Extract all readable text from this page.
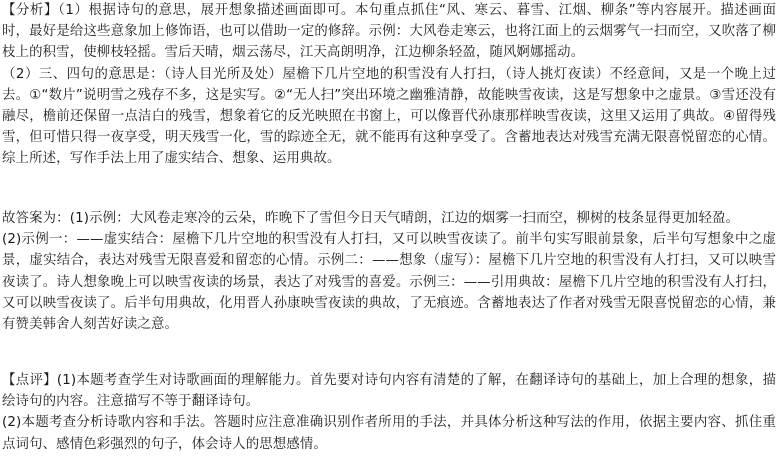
【分析】（1）根据诗句的意思，展开想象描述画面即可。本句重点抓住“风、寒云、暮雪、江烟、柳条”等内容展开。描述画面时，最好是给这些意象加上修饰语，也可以借助一定的修辞。示例：大风卷走寒云，也将江面上的云烟雾气一扫而空，又吹落了柳枝上的积雪，使柳枝轻摇。雪后天晴，烟云荡尽，江天高朗明净，江边柳条轻盈，随风婀娜摇动。

（2）三、四句的意思是：（诗人目光所及处）屋檐下几片空地的积雪没有人打扫，（诗人挑灯夜读）不经意间，又是一个晚上过去。①“数片”说明雪之残存不多，这是实写。②“无人扫”突出环境之幽雅清静，故能映雪夜读，这是写想象中之虚景。③雪还没有融尽，檐前还保留一点洁白的残雪，想象着它的反光映照在书窗上，可以像晋代孙康那样映雪夜读，这里又运用了典故。④留得残雪，但可惜只得一夜享受，明天残雪一化，雪的踪迹全无，就不能再有这种享受了。含蓄地表达对残雪充满无限喜悦留恋的心情。综上所述，写作手法上用了虚实结合、想象、运用典故。

故答案为：(1)示例：大风卷走寒冷的云朵，昨晚下了雪但今日天气晴朗，江边的烟雾一扫而空，柳树的枝条显得更加轻盈。

(2)示例一：——虚实结合：屋檐下几片空地的积雪没有人打扫，又可以映雪夜读了。前半句实写眼前景象，后半句写想象中之虚景，虚实结合，表达对残雪无限喜爱和留恋的心情。示例二：——想象（虚写）：屋檐下几片空地的积雪没有人打扫，又可以映雪夜读了。诗人想象晚上可以映雪夜读的场景，表达了对残雪的喜爱。示例三：——引用典故：屋檐下几片空地的积雪没有人打扫，又可以映雪夜读了。后半句用典故，化用晋人孙康映雪夜读的典故，了无痕迹。含蓄地表达了作者对残雪无限喜悦留恋的心情，兼有赞美韩舍人刻苦好读之意。

【点评】(1)本题考查学生对诗歌画面的理解能力。首先要对诗句内容有清楚的了解，在翻译诗句的基础上，加上合理的想象，描绘诗句的内容。注意描写不等于翻译诗句。

(2)本题考查分析诗歌内容和手法。答题时应注意准确识别作者所用的手法，并具体分析这种写法的作用，依据主要内容、抓住重点词句、感情色彩强烈的句子，体会诗人的思想感情。
